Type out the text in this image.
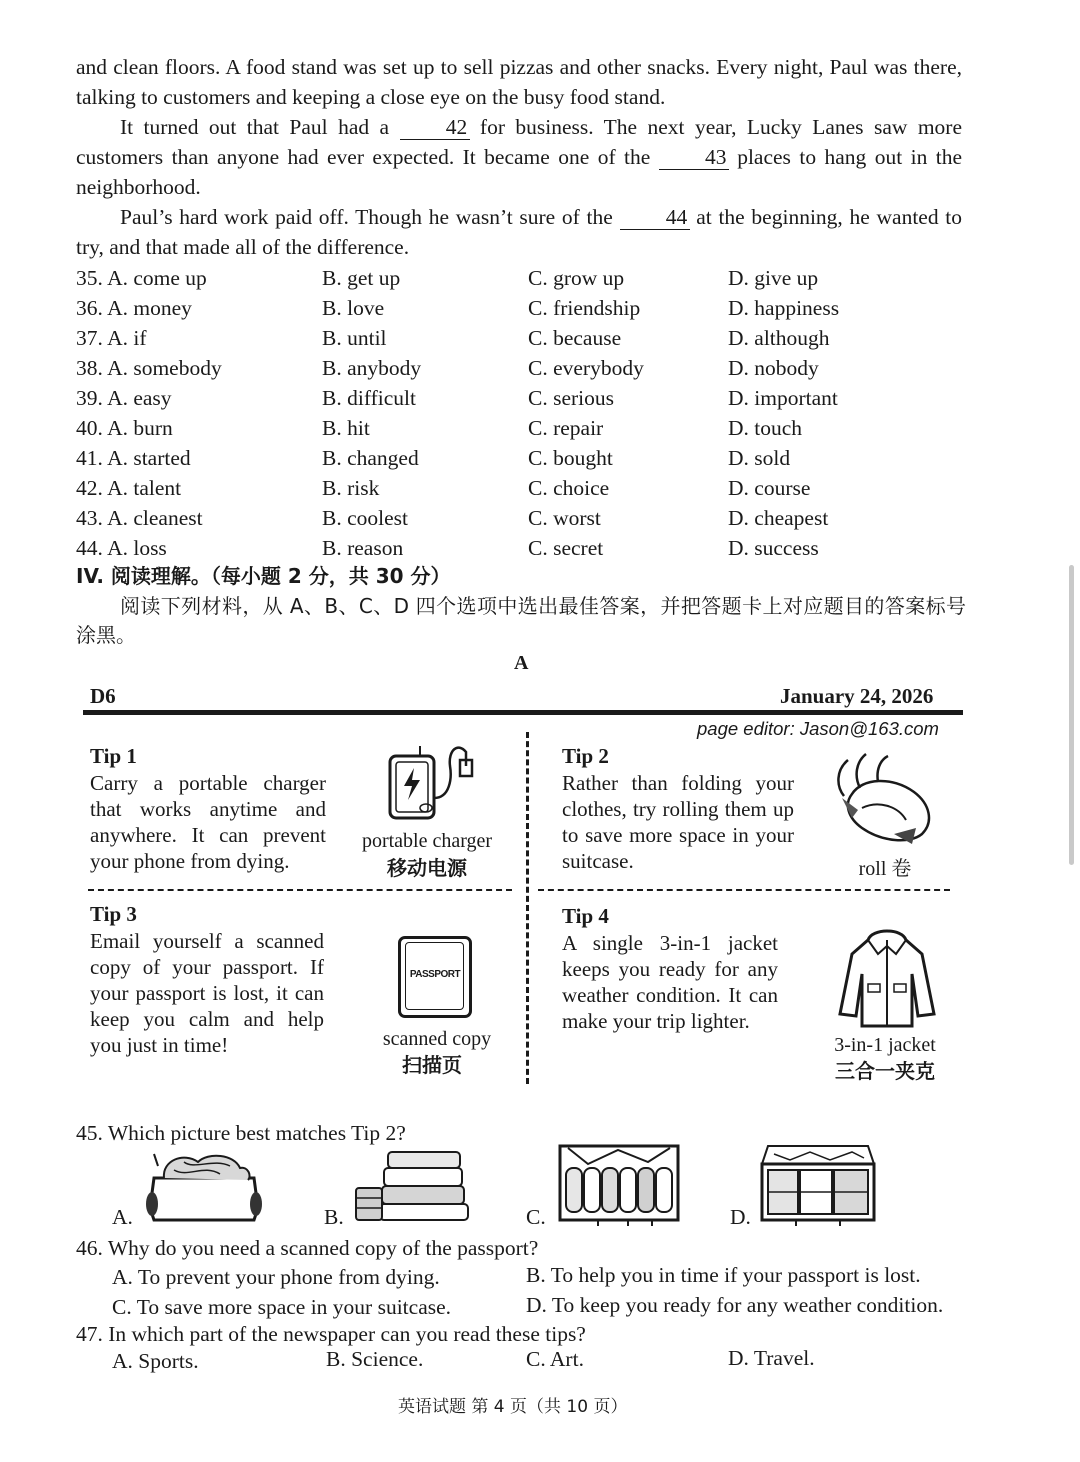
and clean floors. A food stand was set up to sell pizzas and other snacks. Every night, Paul was there, talking to customers and keeping a close eye on the busy food stand.
It turned out that Paul had a	42 for business. The next year, Lucky Lanes saw more customers than anyone had ever expected. It became one of the	43 places to hang out in the neighborhood.
Paul’s hard work paid off. Though he wasn’t sure of the 44 at the beginning, he wanted to try, and that made all of the difference.
35. A. come up	B. get up	C. grow up	D. give up
36. A. money	B. love	C. friendship	D. happiness
37. A. if	B. until	C. because	D. although
38. A. somebody	B. anybody	C. everybody	D. nobody
39. A. easy	B. difficult	C. serious	D. important
40. A. burn	B. hit	C. repair	D. touch
41. A. started	B. changed	C. bought	D. sold
42. A. talent	B. risk	C. choice	D. course
43. A. cleanest	B. coolest	C. worst	D. cheapest
44. A. loss	B. reason	C. secret	D. success
IV. 阅读理解。（每小题 2 分，共 30 分）
阅读下列材料，从 A、B、C、D 四个选项中选出最佳答案，并把答题卡上对应题目的答案标号涂黑。
A
D6	January 24, 2026
page editor: Jason@163.com
Tip 1
Carry a portable charger that works anytime and anywhere. It can prevent your phone from dying.
portable charger
移动电源
Tip 2
Rather than folding your clothes, try rolling them up to save more space in your suitcase.	roll 卷
Tip 3
Email yourself a scanned copy of your passport. If your passport is lost, it can keep you calm and help you just in time!
PASSPORT
scanned copy
扫描页
Tip 4
A single 3-in-1 jacket keeps you ready for any weather condition. It can make your trip lighter.
3-in-1 jacket
三合一夹克
45. Which picture best matches Tip 2?
A.	B.	C.	D.
46. Why do you need a scanned copy of the passport?
A. To prevent your phone from dying.	B. To help you in time if your passport is lost.
C. To save more space in your suitcase.	D. To keep you ready for any weather condition.
47. In which part of the newspaper can you read these tips?
A. Sports.	B. Science.	C. Art.	D. Travel.
英语试题 第 4 页（共 10 页）
